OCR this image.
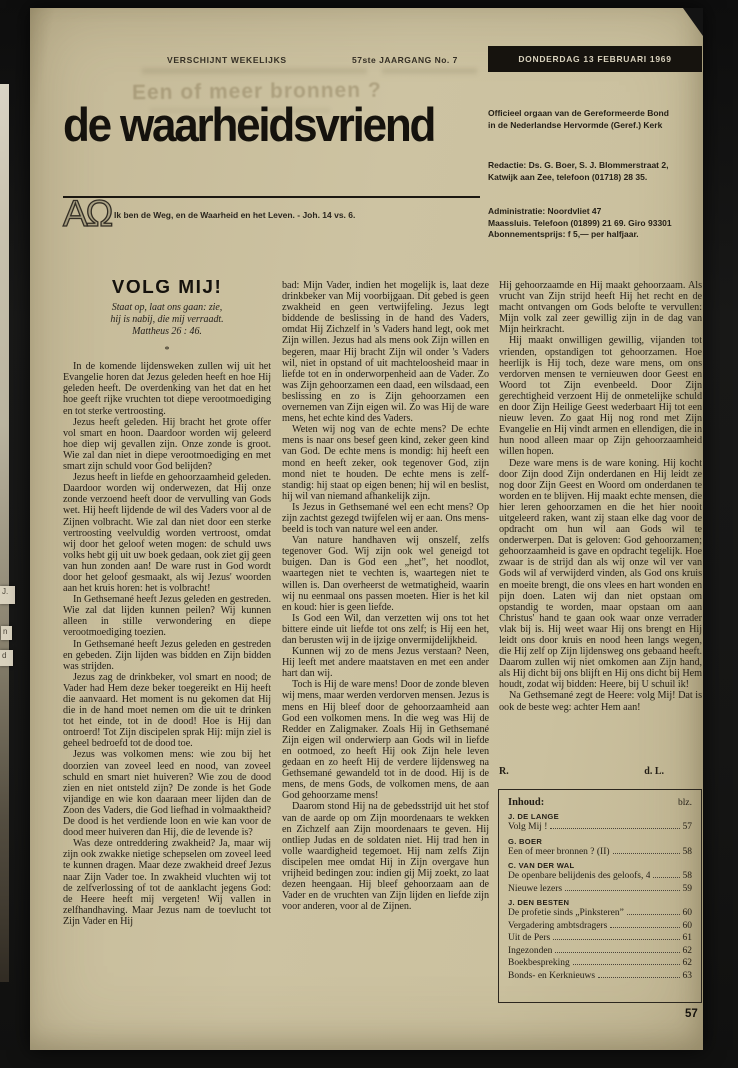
J.
n
d
Een of meer bronnen ?
VERSCHIJNT WEKELIJKS	57ste JAARGANG No. 7	DONDERDAG 13 FEBRUARI 1969
de waarheidsvriend
ΑΩ Ik ben de Weg, en de Waarheid en het Leven. - Joh. 14 vs. 6.
Officieel orgaan van de Gereformeerde Bond
in de Nederlandse Hervormde (Geref.) Kerk
Redactie: Ds. G. Boer, S. J. Blommerstraat 2,
Katwijk aan Zee, telefoon (01718) 28 35.
Administratie: Noordvliet 47
Maassluis. Telefoon (01899) 21 69. Giro 93301
Abonnementsprijs: f 5,— per halfjaar.
VOLG MIJ!
Staat op, laat ons gaan: zie,
hij is nabij, die mij verraadt.
Mattheus 26 : 46.
*
In de komende lijdensweken zullen wij uit het Evangelie horen dat Jezus geleden heeft en hoe Hij geleden heeft. De overdenking van het dat en het hoe geeft rijke vruchten tot diepe verootmoediging en tot sterke vertroosting.
Jezus heeft geleden. Hij bracht het grote offer vol smart en hoon. Daardoor worden wij geleerd hoe diep wij gevallen zijn. Onze zonde is groot. Wie zal dan niet in diepe verootmoediging en met smart zijn schuld voor God belijden?
Jezus heeft in liefde en gehoorzaamheid geleden. Daardoor worden wij onderwezen, dat Hij onze zonde verzoend heeft door de vervulling van Gods wet. Hij heeft lijdende de wil des Vaders voor al de Zijnen volbracht. Wie zal dan niet door een sterke vertroosting veelvuldig worden vertroost, omdat wij door het geloof weten mogen: de schuld uws volks hebt gij uit uw boek gedaan, ook ziet gij geen van hun zonden aan! De ware rust in God wordt door het geloof gesmaakt, als wij Jezus' woorden aan het kruis horen: het is volbracht!
In Gethsemané heeft Jezus geleden en gestreden. Wie zal dat lijden kunnen peilen? Wij kunnen alleen in stille verwondering en diepe verootmoediging toezien.
In Gethsemané heeft Jezus geleden en gestreden en gebeden. Zijn lijden was bidden en Zijn bidden was strijden.
Jezus zag de drinkbeker, vol smart en nood; de Vader had Hem deze beker toegereikt en Hij heeft die aanvaard. Het moment is nu gekomen dat Hij die in de hand moet nemen om die uit te drinken tot het einde, tot in de dood! Hoe is Hij dan ontroerd! Tot Zijn discipelen sprak Hij: mijn ziel is geheel bedroefd tot de dood toe.
Jezus was volkomen mens: wie zou bij het doorzien van zoveel leed en nood, van zoveel schuld en smart niet huiveren? Wie zou de dood zien en niet ontsteld zijn? De zonde is het Gode vijandige en wie kon daaraan meer lijden dan de Zoon des Vaders, die God liefhad in volmaaktheid? De dood is het verdiende loon en wie kan voor de dood meer huiveren dan Hij, die de levende is?
Was deze ontreddering zwakheid? Ja, maar wij zijn ook zwakke nietige schepselen om zoveel leed te kunnen dragen. Maar deze zwakheid dreef Jezus naar Zijn Vader toe. In zwakheid vluchten wij tot de zelfverlossing of tot de aanklacht jegens God: de Heere heeft mij vergeten! Wij vallen in zelfhandhaving. Maar Jezus nam de toevlucht tot Zijn Vader en Hij
bad: Mijn Vader, indien het mogelijk is, laat deze drinkbeker van Mij voorbijgaan. Dit gebed is geen zwakheid en geen vertwijfeling. Jezus legt biddende de beslissing in de hand des Vaders, omdat Hij Zichzelf in 's Vaders hand legt, ook met Zijn willen. Jezus had als mens ook Zijn willen en begeren, maar Hij bracht Zijn wil onder 's Vaders wil, niet in opstand of uit machteloosheid maar in liefde tot en in onderworpenheid aan de Vader. Zo was Zijn gehoorzamen een daad, een wilsdaad, een beslissing en zo is Zijn gehoorzamen een overnemen van Zijn eigen wil. Zo was Hij de ware mens, het echte kind des Vaders.
Weten wij nog van de echte mens? De echte mens is naar ons besef geen kind, zeker geen kind van God. De echte mens is mondig: hij heeft een mond en heeft zeker, ook tegenover God, zijn mond niet te houden. De echte mens is zelf-standig: hij staat op eigen benen; hij wil en beslist, hij wil van niemand afhankelijk zijn.
Is Jezus in Gethsemané wel een echt mens? Op zijn zachtst gezegd twijfelen wij er aan. Ons mens-beeld is toch van nature wel een ander.
Van nature handhaven wij onszelf, zelfs tegenover God. Wij zijn ook wel geneigd tot buigen. Dan is God een „het”, het noodlot, waartegen niet te vechten is, waartegen niet te willen is. Dan overheerst de wetmatigheid, waarin wij nu eenmaal ons passen moeten. Hier is het kil en koud: hier is geen liefde.
Is God een Wil, dan verzetten wij ons tot het bittere einde uit liefde tot ons zelf; is Hij een het, dan berusten wij in de ijzige onvermijdelijkheid.
Kunnen wij zo de mens Jezus verstaan? Neen, Hij leeft met andere maatstaven en met een ander hart dan wij.
Toch is Hij de ware mens! Door de zonde bleven wij mens, maar werden verdorven mensen. Jezus is mens en Hij bleef door de gehoorzaamheid aan God een volkomen mens. In die weg was Hij de Redder en Zaligmaker. Zoals Hij in Gethsemané Zijn eigen wil onderwierp aan Gods wil in liefde en ootmoed, zo heeft Hij ook Zijn hele leven gedaan en zo heeft Hij de verdere lijdensweg na Gethsemané gewandeld tot in de dood. Hij is de mens, de mens Gods, de volkomen mens, de aan God gehoorzame mens!
Daarom stond Hij na de gebedsstrijd uit het stof van de aarde op om Zijn moordenaars te wekken en Zichzelf aan Zijn moordenaars te geven. Hij ontliep Judas en de soldaten niet. Hij trad hen in volle waardigheid tegemoet. Hij nam zelfs Zijn discipelen mee omdat Hij in Zijn overgave hun vrijheid bedingen zou: indien gij Mij zoekt, zo laat dezen heengaan. Hij bleef gehoorzaam aan de Vader en de vruchten van Zijn lijden en liefde zijn voor anderen, voor al de Zijnen.
Hij gehoorzaamde en Hij maakt gehoorzaam. Als vrucht van Zijn strijd heeft Hij het recht en de macht ontvangen om Gods belofte te vervullen: Mijn volk zal zeer gewillig zijn in de dag van Mijn heirkracht.
Hij maakt onwilligen gewillig, vijanden tot vrienden, opstandigen tot gehoorzamen. Hoe heerlijk is Hij toch, deze ware mens, om ons verdorven mensen te vernieuwen door Geest en Woord tot Zijn evenbeeld. Door Zijn gerechtigheid verzoent Hij de onmetelijke schuld en door Zijn Heilige Geest wederbaart Hij tot een nieuw leven. Zo gaat Hij nog rond met Zijn Evangelie en Hij vindt armen en ellendigen, die in hun nood alleen maar op Zijn gehoorzaamheid willen hopen.
Deze ware mens is de ware koning. Hij kocht door Zijn dood Zijn onderdanen en Hij leidt ze nog door Zijn Geest en Woord om onderdanen te worden en te blijven. Hij maakt echte mensen, die hier leren gehoorzamen en die het hier nooit uitgeleerd raken, want zij staan elke dag voor de opdracht om hun wil aan Gods wil te onderwerpen. Dat is geloven: God gehoorzamen; gehoorzaamheid is gave en opdracht tegelijk. Hoe zwaar is de strijd dan als wij onze wil ver van Gods wil af verwijderd vinden, als God ons kruis en moeite brengt, die ons vlees en hart wonden en pijn doen. Laten wij dan niet opstaan om opstandig te worden, maar opstaan om aan Christus' hand te gaan ook waar onze verrader vlak bij is. Hij weet waar Hij ons brengt en Hij leidt ons door kruis en nood heen langs wegen, die Hij zelf op Zijn lijdensweg ons gebaand heeft. Daarom zullen wij niet omkomen aan Zijn hand, als Hij dicht bij ons blijft en Hij ons dicht bij Hem houdt, zodat wij bidden: Heere, bij U schuil ik!
Na Gethsemané zegt de Heere: volg Mij! Dat is ook de beste weg: achter Hem aan!
R.	d. L.
Inhoud:	blz.
J. DE LANGE
Volg Mij !	57
G. BOER
Een of meer bronnen ? (II)	58
C. VAN DER WAL
De openbare belijdenis des geloofs, 4	58
Nieuwe lezers	59
J. DEN BESTEN
De profetie sinds „Pinksteren”	60
Vergadering ambtsdragers	60
Uit de Pers	61
Ingezonden	62
Boekbespreking	62
Bonds- en Kerknieuws	63
57
